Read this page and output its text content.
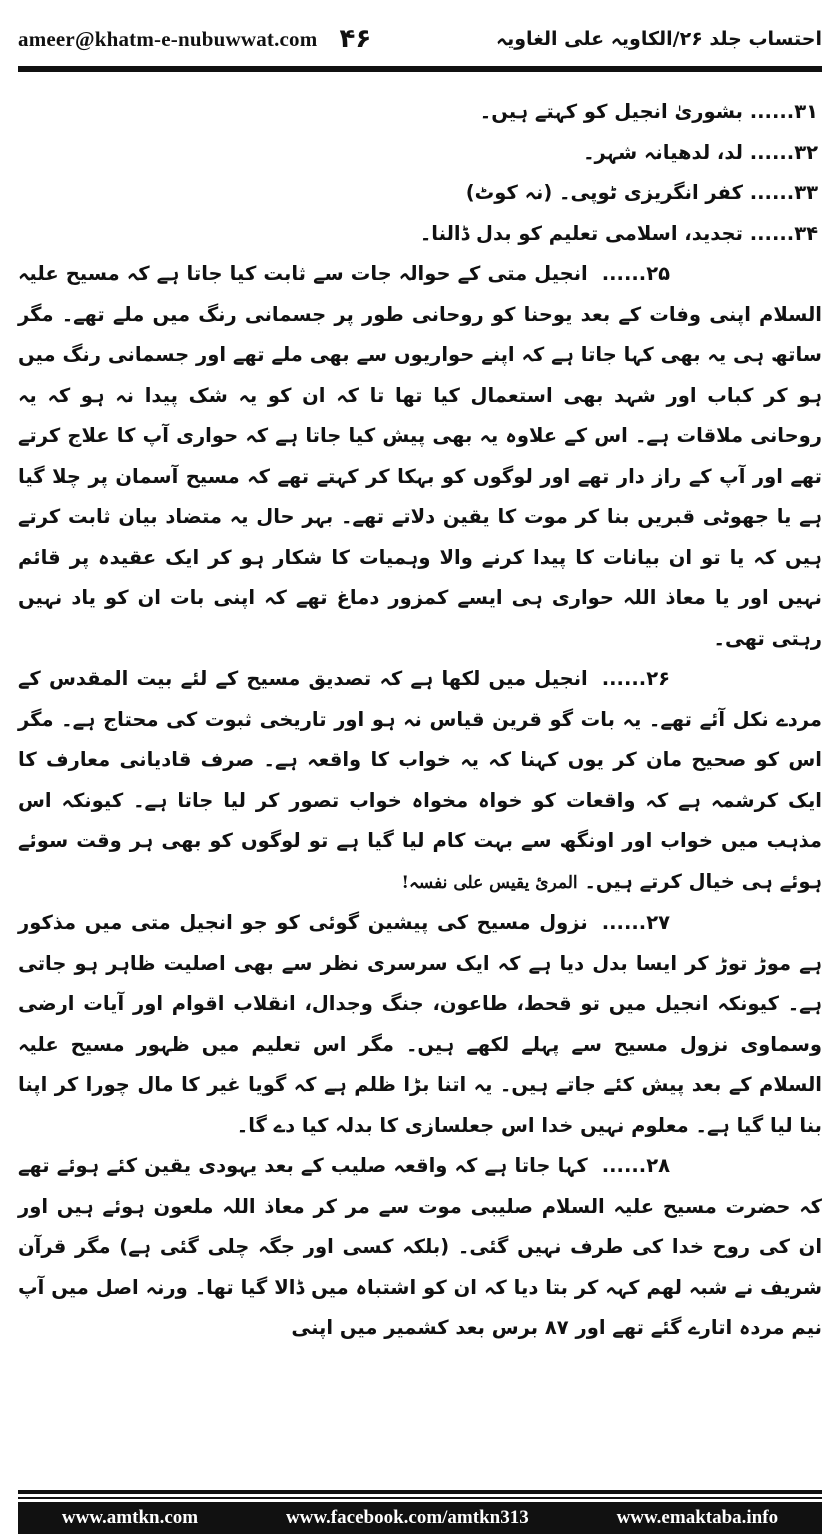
ameer@khatm-e-nubuwwat.com ۴۶	احتساب جلد ۲۶/الکاویہ علی الغاویہ
۳۱...... بشوریٰ انجیل کو کہتے ہیں۔
۳۲...... لد، لدھیانہ شہر۔
۳۳...... کفر انگریزی ٹوپی۔ (نہ کوٹ)
۳۴...... تجدید، اسلامی تعلیم کو بدل ڈالنا۔

۲۵......انجیل متی کے حوالہ جات سے ثابت کیا جاتا ہے کہ مسیح علیہ السلام اپنی وفات کے بعد یوحنا کو روحانی طور پر جسمانی رنگ میں ملے تھے۔ مگر ساتھ ہی یہ بھی کہا جاتا ہے کہ اپنے حواریوں سے بھی ملے تھے اور جسمانی رنگ میں ہو کر کباب اور شہد بھی استعمال کیا تھا تا کہ ان کو یہ شک پیدا نہ ہو کہ یہ روحانی ملاقات ہے۔ اس کے علاوہ یہ بھی پیش کیا جاتا ہے کہ حواری آپ کا علاج کرتے تھے اور آپ کے راز دار تھے اور لوگوں کو بہکا کر کہتے تھے کہ مسیح آسمان پر چلا گیا ہے یا جھوٹی قبریں بنا کر موت کا یقین دلاتے تھے۔ بہر حال یہ متضاد بیان ثابت کرتے ہیں کہ یا تو ان بیانات کا پیدا کرنے والا وہمیات کا شکار ہو کر ایک عقیدہ پر قائم نہیں اور یا معاذ اللہ حواری ہی ایسے کمزور دماغ تھے کہ اپنی بات ان کو یاد نہیں رہتی تھی۔

۲۶......انجیل میں لکھا ہے کہ تصدیق مسیح کے لئے بیت المقدس کے مردے نکل آئے تھے۔ یہ بات گو قرین قیاس نہ ہو اور تاریخی ثبوت کی محتاج ہے۔ مگر اس کو صحیح مان کر یوں کہنا کہ یہ خواب کا واقعہ ہے۔ صرف قادیانی معارف کا ایک کرشمہ ہے کہ واقعات کو خواہ مخواہ خواب تصور کر لیا جاتا ہے۔ کیونکہ اس مذہب میں خواب اور اونگھ سے بہت کام لیا گیا ہے تو لوگوں کو بھی ہر وقت سوئے ہوئے ہی خیال کرتے ہیں۔ المرئ یقیس علی نفسہ!

۲۷......نزول مسیح کی پیشین گوئی کو جو انجیل متی میں مذکور ہے موڑ توڑ کر ایسا بدل دیا ہے کہ ایک سرسری نظر سے بھی اصلیت ظاہر ہو جاتی ہے۔ کیونکہ انجیل میں تو قحط، طاعون، جنگ وجدال، انقلاب اقوام اور آیات ارضی وسماوی نزول مسیح سے پہلے لکھے ہیں۔ مگر اس تعلیم میں ظہور مسیح علیہ السلام کے بعد پیش کئے جاتے ہیں۔ یہ اتنا بڑا ظلم ہے کہ گویا غیر کا مال چورا کر اپنا بنا لیا گیا ہے۔ معلوم نہیں خدا اس جعلسازی کا بدلہ کیا دے گا۔

۲۸......کہا جاتا ہے کہ واقعہ صلیب کے بعد یہودی یقین کئے ہوئے تھے کہ حضرت مسیح علیہ السلام صلیبی موت سے مر کر معاذ اللہ ملعون ہوئے ہیں اور ان کی روح خدا کی طرف نہیں گئی۔ (بلکہ کسی اور جگہ چلی گئی ہے) مگر قرآن شریف نے شبہ لھم کہہ کر بتا دیا کہ ان کو اشتباہ میں ڈالا گیا تھا۔ ورنہ اصل میں آپ نیم مردہ اتارے گئے تھے اور ۸۷ برس بعد کشمیر میں اپنی

www.amtkn.com	www.facebook.com/amtkn313	www.emaktaba.info
